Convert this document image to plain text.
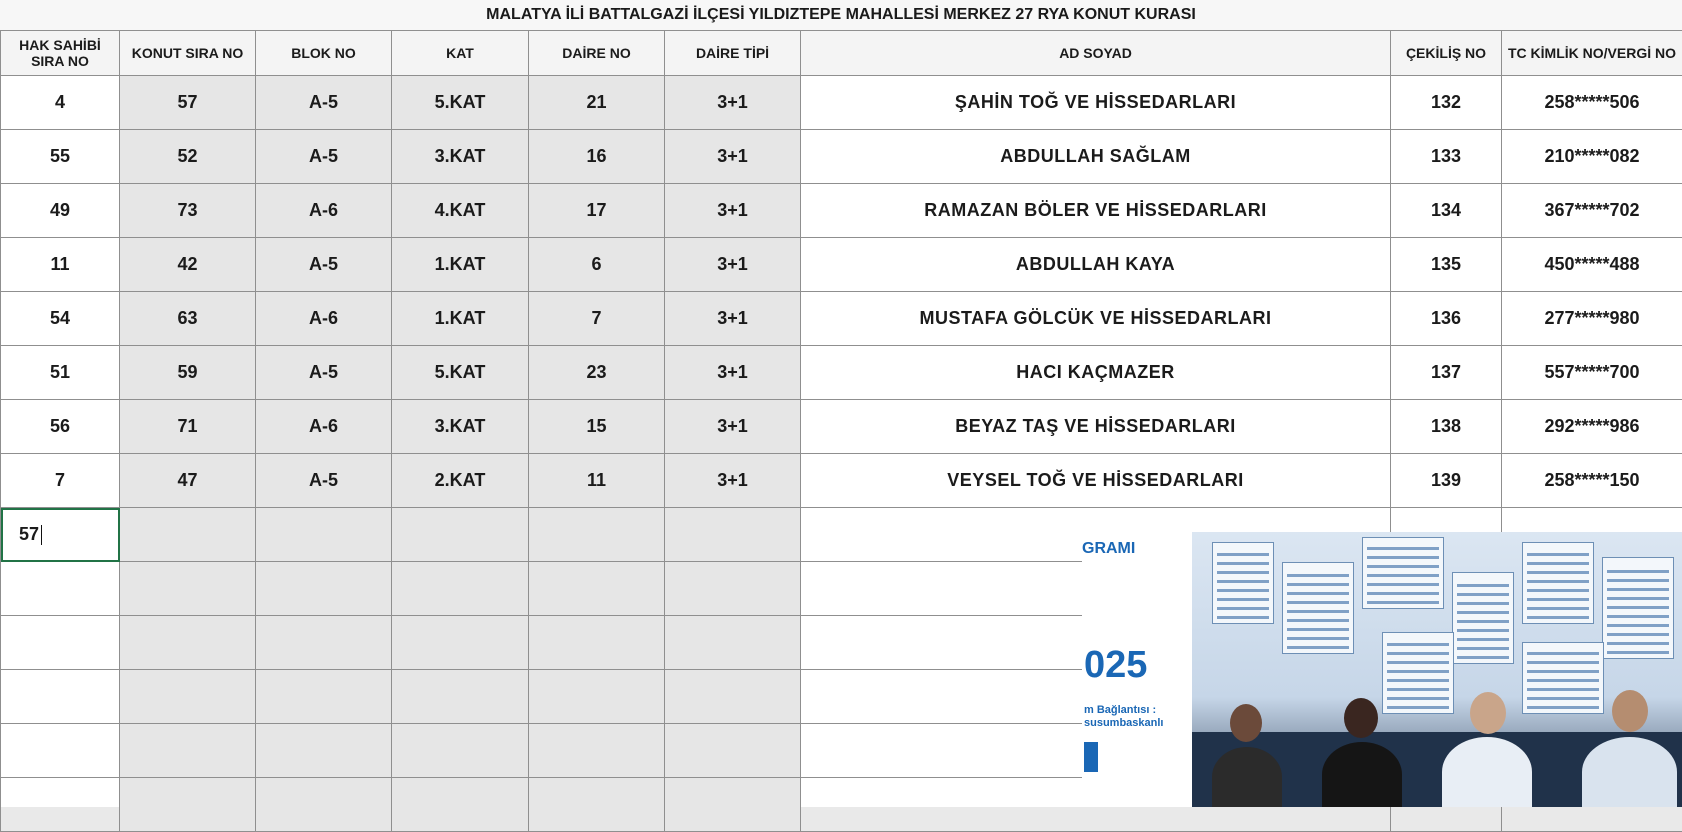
MALATYA İLİ BATTALGAZİ İLÇESİ YILDIZTEPE MAHALLESİ MERKEZ 27 RYA KONUT KURASI
HAK SAHİBİ SIRA NO	KONUT SIRA NO	BLOK NO	KAT	DAİRE NO	DAİRE TİPİ	AD SOYAD	ÇEKİLİŞ NO	TC KİMLİK NO/VERGİ NO
4	57	A-5	5.KAT	21	3+1	ŞAHİN TOĞ VE HİSSEDARLARI	132	258*****506
55	52	A-5	3.KAT	16	3+1	ABDULLAH SAĞLAM	133	210*****082
49	73	A-6	4.KAT	17	3+1	RAMAZAN BÖLER VE HİSSEDARLARI	134	367*****702
11	42	A-5	1.KAT	6	3+1	ABDULLAH KAYA	135	450*****488
54	63	A-6	1.KAT	7	3+1	MUSTAFA GÖLCÜK VE HİSSEDARLARI	136	277*****980
51	59	A-5	5.KAT	23	3+1	HACI KAÇMAZER	137	557*****700
56	71	A-6	3.KAT	15	3+1	BEYAZ TAŞ VE HİSSEDARLARI	138	292*****986
7	47	A-5	2.KAT	11	3+1	VEYSEL TOĞ VE HİSSEDARLARI	139	258*****150
57								

GRAMI
025
m Bağlantısı :
susumbaskanlı
